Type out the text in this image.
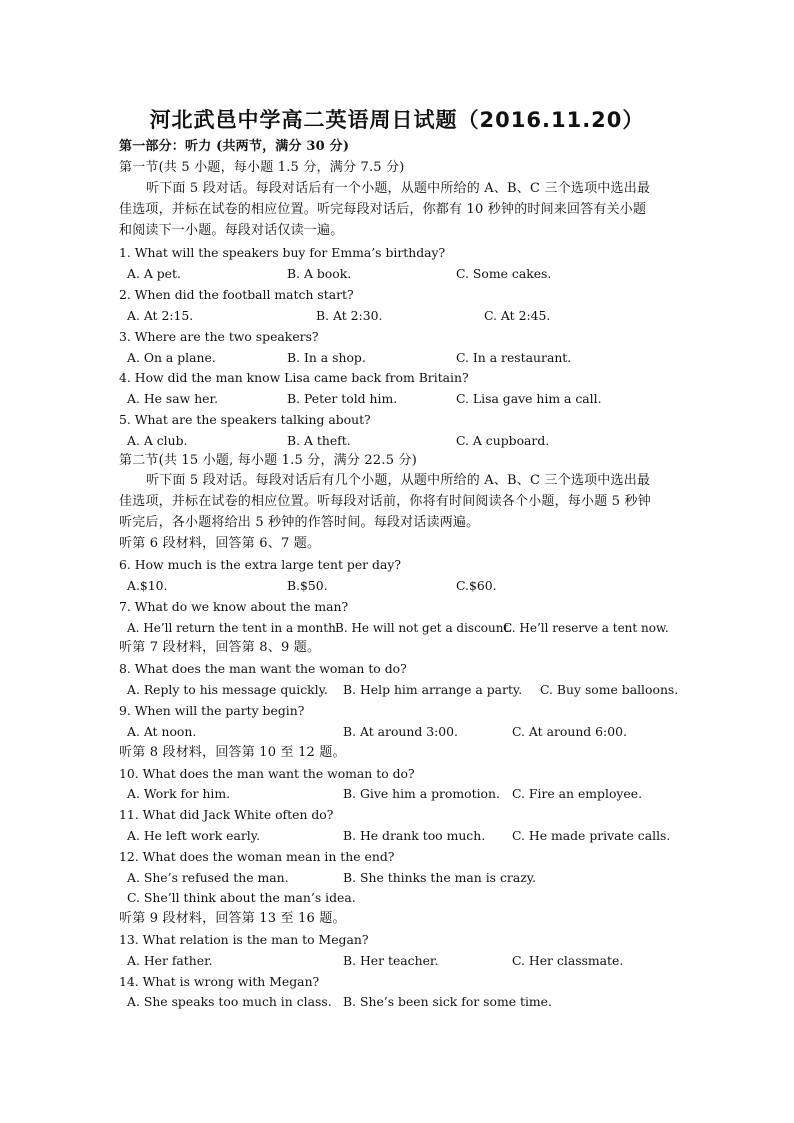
河北武邑中学高二英语周日试题（2016.11.20）
第一部分：听力 (共两节，满分 30 分)
第一节(共 5 小题，每小题 1.5 分，满分 7.5 分)
听下面 5 段对话。每段对话后有一个小题，从题中所给的 A、B、C 三个选项中选出最
佳选项，并标在试卷的相应位置。听完每段对话后，你都有 10 秒钟的时间来回答有关小题
和阅读下一小题。每段对话仅读一遍。
1. What will the speakers buy for Emma’s birthday?
A. A pet.	B. A book.	C. Some cakes.
2. When did the football match start?
A. At 2:15.	B. At 2:30.	C. At 2:45.
3. Where are the two speakers?
A. On a plane.	B. In a shop.	C. In a restaurant.
4. How did the man know Lisa came back from Britain?
A. He saw her.	B. Peter told him.	C. Lisa gave him a call.
5. What are the speakers talking about?
A. A club.	B. A theft.	C. A cupboard.
第二节(共 15 小题, 每小题 1.5 分，满分 22.5 分)
听下面 5 段对话。每段对话后有几个小题，从题中所给的 A、B、C 三个选项中选出最
佳选项，并标在试卷的相应位置。听每段对话前，你将有时间阅读各个小题，每小题 5 秒钟
听完后，各小题将给出 5 秒钟的作答时间。每段对话读两遍。
听第 6 段材料，回答第 6、7 题。
6. How much is the extra large tent per day?
A.$10.	B.$50.	C.$60.
7. What do we know about the man?
A. He’ll return the tent in a month.
B. He will not get a discount.
C. He’ll reserve a tent now.
听第 7 段材料，回答第 8、9 题。
8. What does the man want the woman to do?
A. Reply to his message quickly. B. Help him arrange a party. C. Buy some balloons.
9. When will the party begin?
A. At noon.	B. At around 3:00.	C. At around 6:00.
听第 8 段材料，回答第 10 至 12 题。
10. What does the man want the woman to do?
A. Work for him.	B. Give him a promotion. C. Fire an employee.
11. What did Jack White often do?
A. He left work early.	B. He drank too much. C. He made private calls.
12. What does the woman mean in the end?
A. She’s refused the man.	B. She thinks the man is crazy.
C. She’ll think about the man’s idea.
听第 9 段材料，回答第 13 至 16 题。
13. What relation is the man to Megan?
A. Her father.	B. Her teacher.	C. Her classmate.
14. What is wrong with Megan?
A. She speaks too much in class. B. She’s been sick for some time.
